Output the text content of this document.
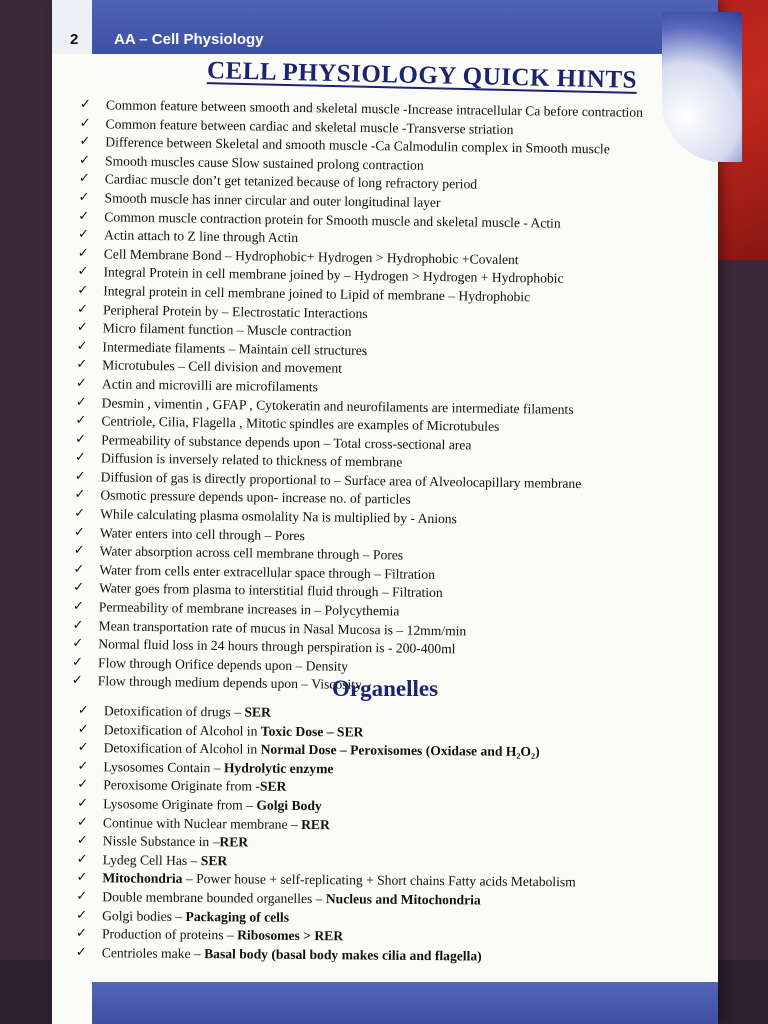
2 AA – Cell Physiology
CELL PHYSIOLOGY QUICK HINTS
✓ Common feature between smooth and skeletal muscle -Increase intracellular Ca before contraction
✓ Common feature between cardiac and skeletal muscle -Transverse striation
✓ Difference between Skeletal and smooth muscle -Ca Calmodulin complex in Smooth muscle
✓ Smooth muscles cause Slow sustained prolong contraction
✓ Cardiac muscle don’t get tetanized because of long refractory period
✓ Smooth muscle has inner circular and outer longitudinal layer
✓ Common muscle contraction protein for Smooth muscle and skeletal muscle - Actin
✓ Actin attach to Z line through Actin
✓ Cell Membrane Bond – Hydrophobic+ Hydrogen > Hydrophobic +Covalent
✓ Integral Protein in cell membrane joined by – Hydrogen > Hydrogen + Hydrophobic
✓ Integral protein in cell membrane joined to Lipid of membrane – Hydrophobic
✓ Peripheral Protein by – Electrostatic Interactions
✓ Micro filament function – Muscle contraction
✓ Intermediate filaments – Maintain cell structures
✓ Microtubules – Cell division and movement
✓ Actin and microvilli are microfilaments
✓ Desmin , vimentin , GFAP , Cytokeratin and neurofilaments are intermediate filaments
✓ Centriole, Cilia, Flagella , Mitotic spindles are examples of Microtubules
✓ Permeability of substance depends upon – Total cross-sectional area
✓ Diffusion is inversely related to thickness of membrane
✓ Diffusion of gas is directly proportional to – Surface area of Alveolocapillary membrane
✓ Osmotic pressure depends upon- increase no. of particles
✓ While calculating plasma osmolality Na is multiplied by - Anions
✓ Water enters into cell through – Pores
✓ Water absorption across cell membrane through – Pores
✓ Water from cells enter extracellular space through – Filtration
✓ Water goes from plasma to interstitial fluid through – Filtration
✓ Permeability of membrane increases in – Polycythemia
✓ Mean transportation rate of mucus in Nasal Mucosa is – 12mm/min
✓ Normal fluid loss in 24 hours through perspiration is - 200-400ml
✓ Flow through Orifice depends upon – Density
✓ Flow through medium depends upon – Viscosity
Organelles
✓ Detoxification of drugs – SER
✓ Detoxification of Alcohol in Toxic Dose – SER
✓ Detoxification of Alcohol in Normal Dose – Peroxisomes (Oxidase and H₂O₂)
✓ Lysosomes Contain – Hydrolytic enzyme
✓ Peroxisome Originate from -SER
✓ Lysosome Originate from – Golgi Body
✓ Continue with Nuclear membrane – RER
✓ Nissle Substance in –RER
✓ Lydeg Cell Has – SER
✓ Mitochondria – Power house + self-replicating + Short chains Fatty acids Metabolism
✓ Double membrane bounded organelles – Nucleus and Mitochondria
✓ Golgi bodies – Packaging of cells
✓ Production of proteins – Ribosomes > RER
✓ Centrioles make – Basal body (basal body makes cilia and flagella)
